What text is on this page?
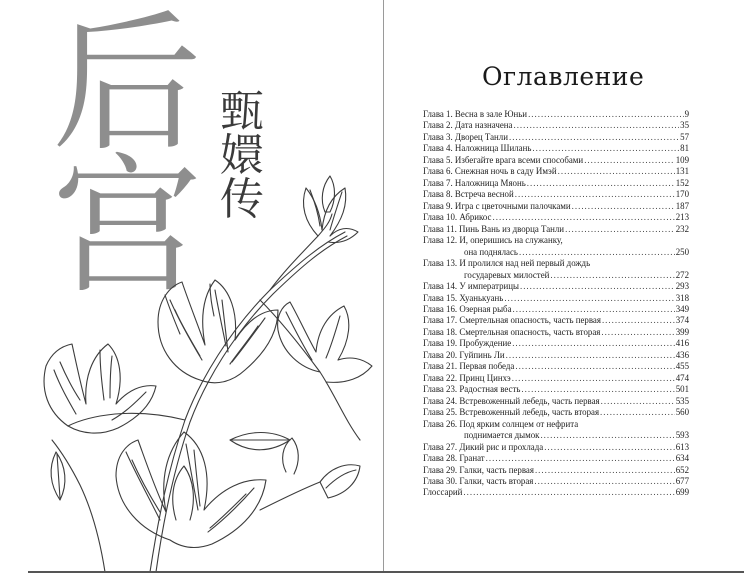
后
宫
甄
嬛
传
Оглавление
Глава 1. Весна в зале Юньи .....	9
Глава 2. Дата назначена .....	35
Глава 3. Дворец Танли .....	57
Глава 4. Наложница Шилань .....	81
Глава 5. Избегайте врага всеми способами .....	109
Глава 6. Снежная ночь в саду Имэй .....	131
Глава 7. Наложница Мяонь .....	152
Глава 8. Встреча весной .....	170
Глава 9. Игра с цветочными палочками .....	187
Глава 10. Абрикос .....	213
Глава 11. Пинь Вань из дворца Танли .....	232
Глава 12. И, оперишись на служанку,
она поднялась .....	250
Глава 13. И пролился над ней первый дождь
государевых милостей .....	272
Глава 14. У императрицы .....	293
Глава 15. Хуанькуань .....	318
Глава 16. Озерная рыба .....	349
Глава 17. Смертельная опасность, часть первая .....	374
Глава 18. Смертельная опасность, часть вторая .....	399
Глава 19. Пробуждение .....	416
Глава 20. Гуйпинь Ли .....	436
Глава 21. Первая победа .....	455
Глава 22. Принц Цинхэ .....	474
Глава 23. Радостная весть .....	501
Глава 24. Встревоженный лебедь, часть первая .....	535
Глава 25. Встревоженный лебедь, часть вторая .....	560
Глава 26. Под ярким солнцем от нефрита
поднимается дымок .....	593
Глава 27. Дикий рис и прохлада .....	613
Глава 28. Гранат .....	634
Глава 29. Галки, часть первая .....	652
Глава 30. Галки, часть вторая .....	677
Глоссарий .....	699
